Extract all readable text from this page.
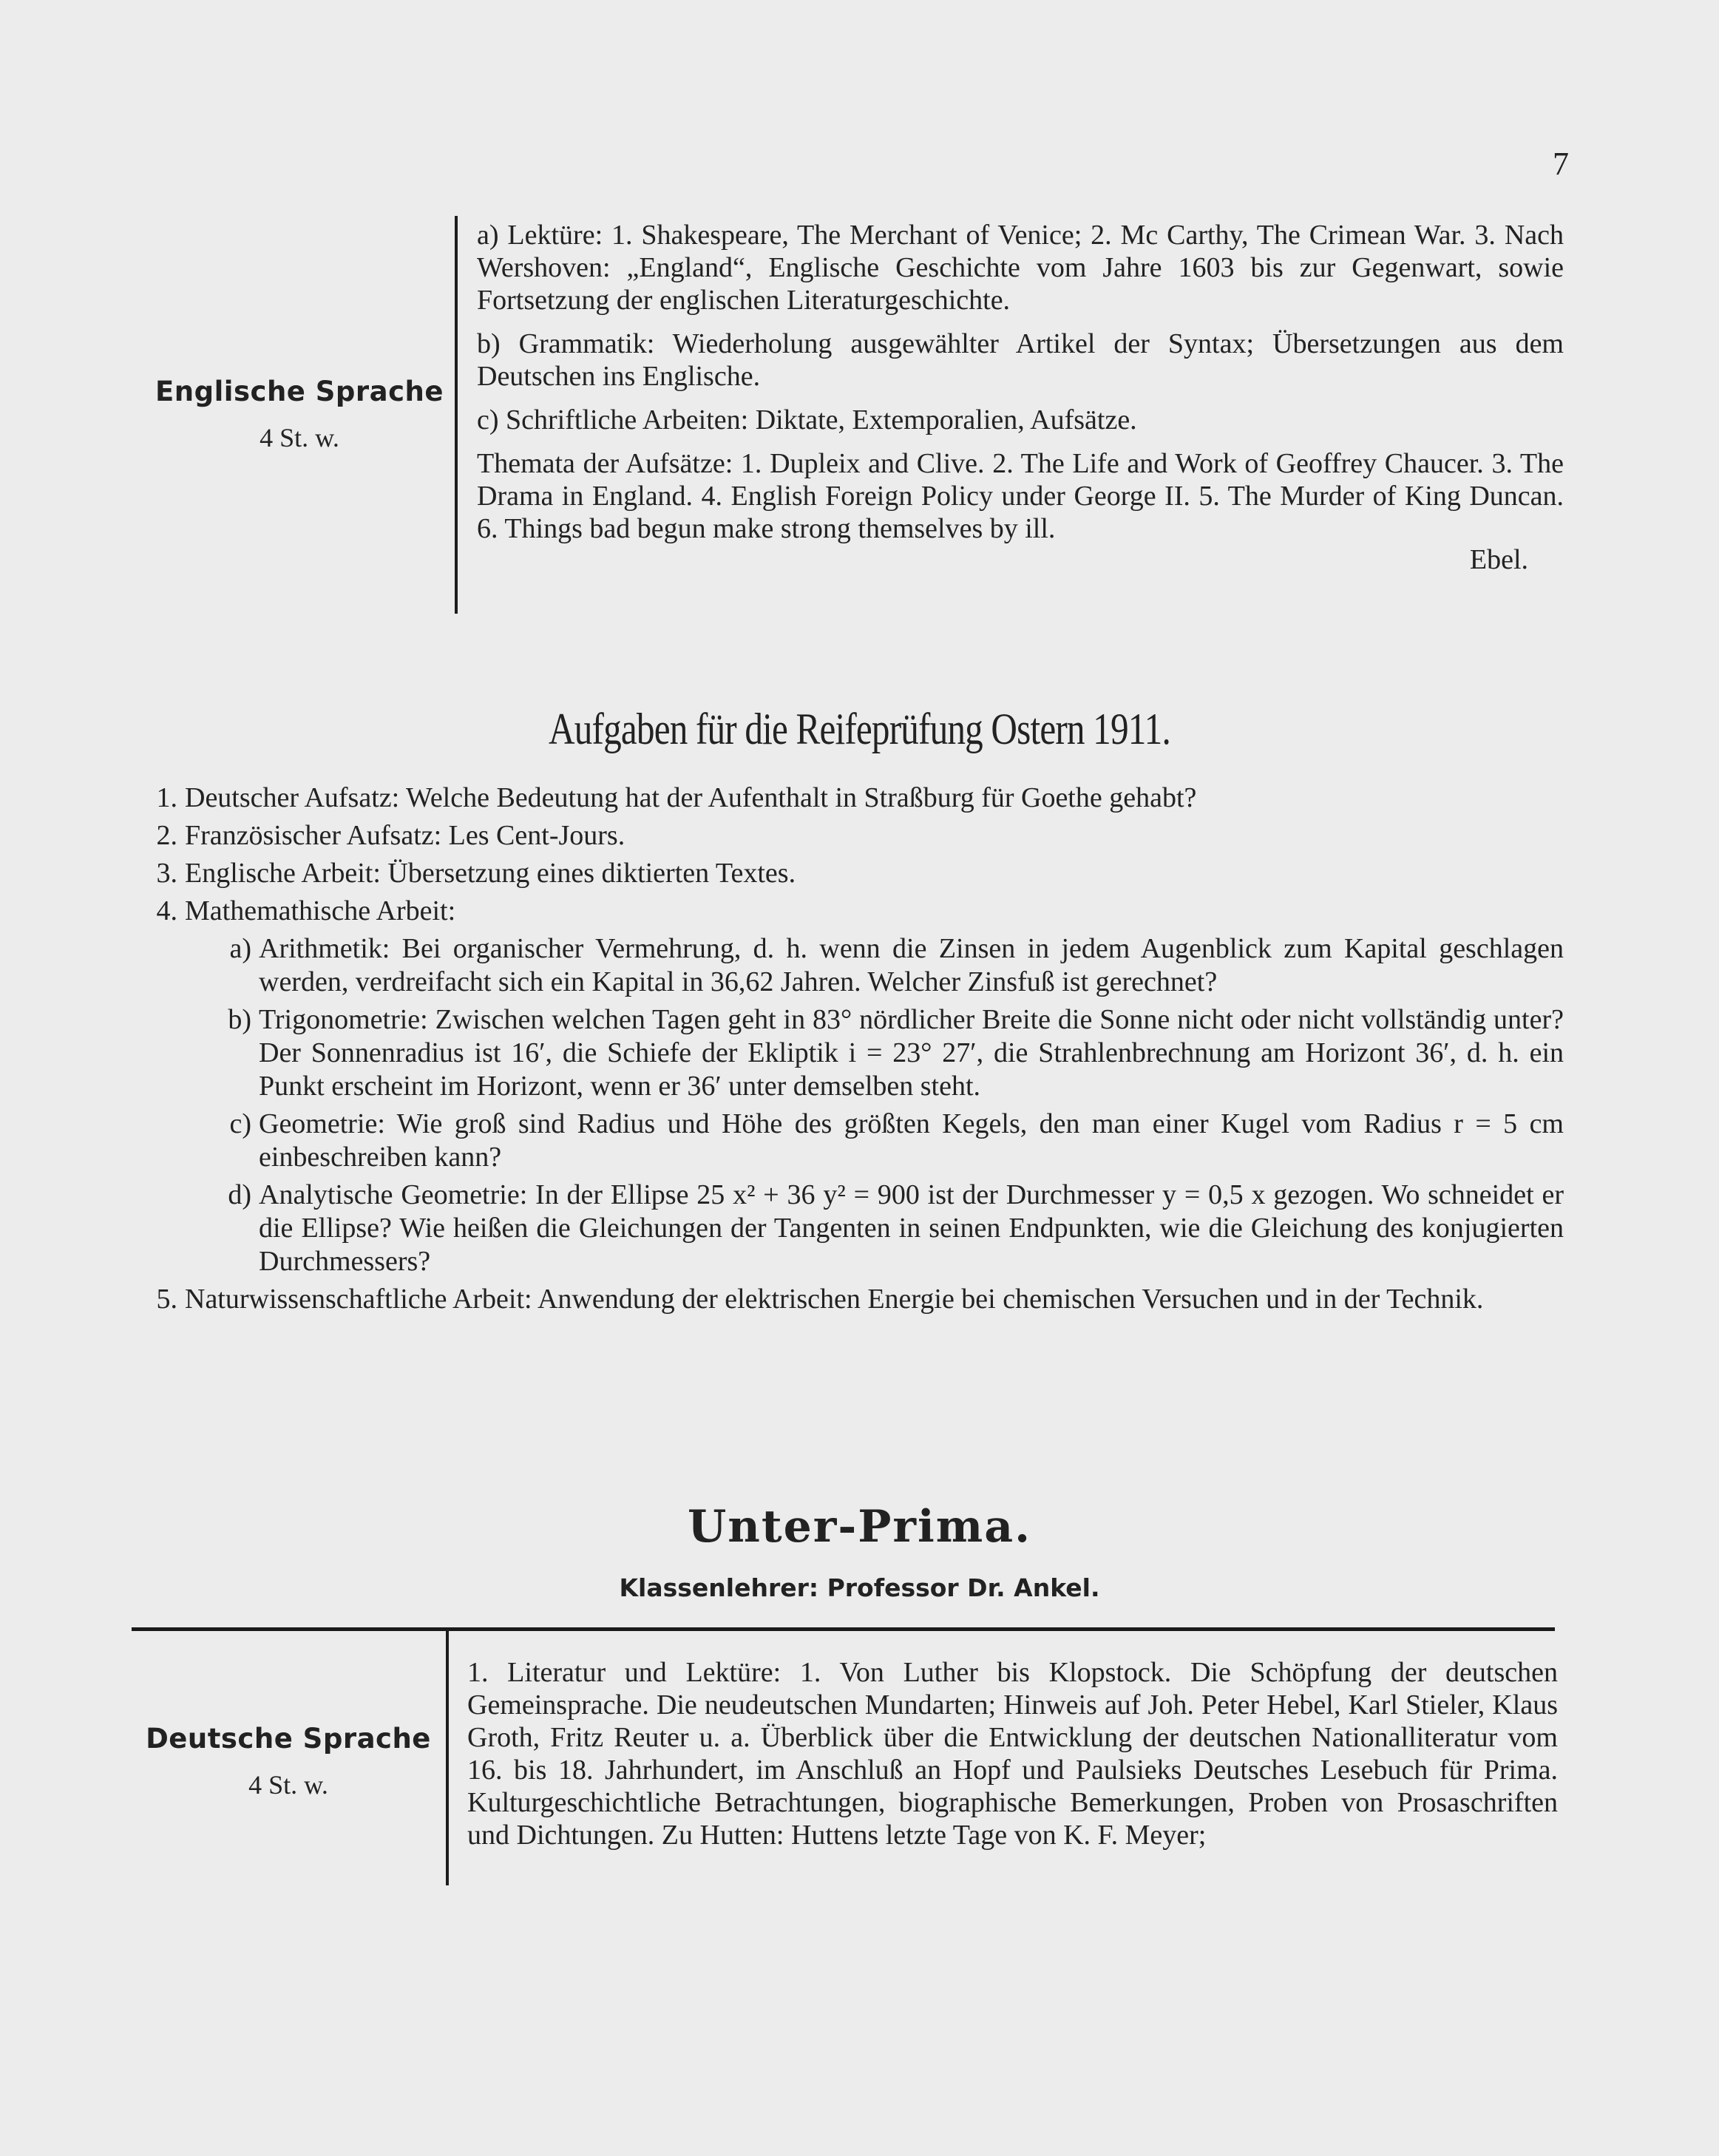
7
Englische Sprache
4 St. w.

a) Lektüre: 1. Shakespeare, The Merchant of Venice; 2. Mc Carthy, The Crimean War. 3. Nach Wershoven: „England“, Englische Geschichte vom Jahre 1603 bis zur Gegenwart, sowie Fortsetzung der englischen Literaturgeschichte.

b) Grammatik: Wiederholung ausgewählter Artikel der Syntax; Übersetzungen aus dem Deutschen ins Englische.

c) Schriftliche Arbeiten: Diktate, Extemporalien, Aufsätze.

Themata der Aufsätze: 1. Dupleix and Clive. 2. The Life and Work of Geoffrey Chaucer. 3. The Drama in England. 4. English Foreign Policy under George II. 5. The Murder of King Duncan. 6. Things bad begun make strong themselves by ill.

Ebel.
Aufgaben für die Reifeprüfung Ostern 1911.
1. Deutscher Aufsatz: Welche Bedeutung hat der Aufenthalt in Straßburg für Goethe gehabt?
2. Französischer Aufsatz: Les Cent-Jours.
3. Englische Arbeit: Übersetzung eines diktierten Textes.
4. Mathemathische Arbeit:
a) Arithmetik: Bei organischer Vermehrung, d. h. wenn die Zinsen in jedem Augenblick zum Kapital geschlagen werden, verdreifacht sich ein Kapital in 36,62 Jahren. Welcher Zinsfuß ist gerechnet?
b) Trigonometrie: Zwischen welchen Tagen geht in 83° nördlicher Breite die Sonne nicht oder nicht vollständig unter? Der Sonnenradius ist 16′, die Schiefe der Ekliptik i = 23° 27′, die Strahlenbrechnung am Horizont 36′, d. h. ein Punkt erscheint im Horizont, wenn er 36′ unter demselben steht.
c) Geometrie: Wie groß sind Radius und Höhe des größten Kegels, den man einer Kugel vom Radius r = 5 cm einbeschreiben kann?
d) Analytische Geometrie: In der Ellipse 25 x² + 36 y² = 900 ist der Durchmesser y = 0,5 x gezogen. Wo schneidet er die Ellipse? Wie heißen die Gleichungen der Tangenten in seinen Endpunkten, wie die Gleichung des konjugierten Durchmessers?
5. Naturwissenschaftliche Arbeit: Anwendung der elektrischen Energie bei chemischen Versuchen und in der Technik.
Unter-Prima.
Klassenlehrer: Professor Dr. Ankel.
Deutsche Sprache
4 St. w.

1. Literatur und Lektüre: 1. Von Luther bis Klopstock. Die Schöpfung der deutschen Gemeinsprache. Die neudeutschen Mundarten; Hinweis auf Joh. Peter Hebel, Karl Stieler, Klaus Groth, Fritz Reuter u. a. Überblick über die Entwicklung der deutschen Nationalliteratur vom 16. bis 18. Jahrhundert, im Anschluß an Hopf und Paulsieks Deutsches Lesebuch für Prima. Kulturgeschichtliche Betrachtungen, biographische Bemerkungen, Proben von Prosaschriften und Dichtungen. Zu Hutten: Huttens letzte Tage von K. F. Meyer;
